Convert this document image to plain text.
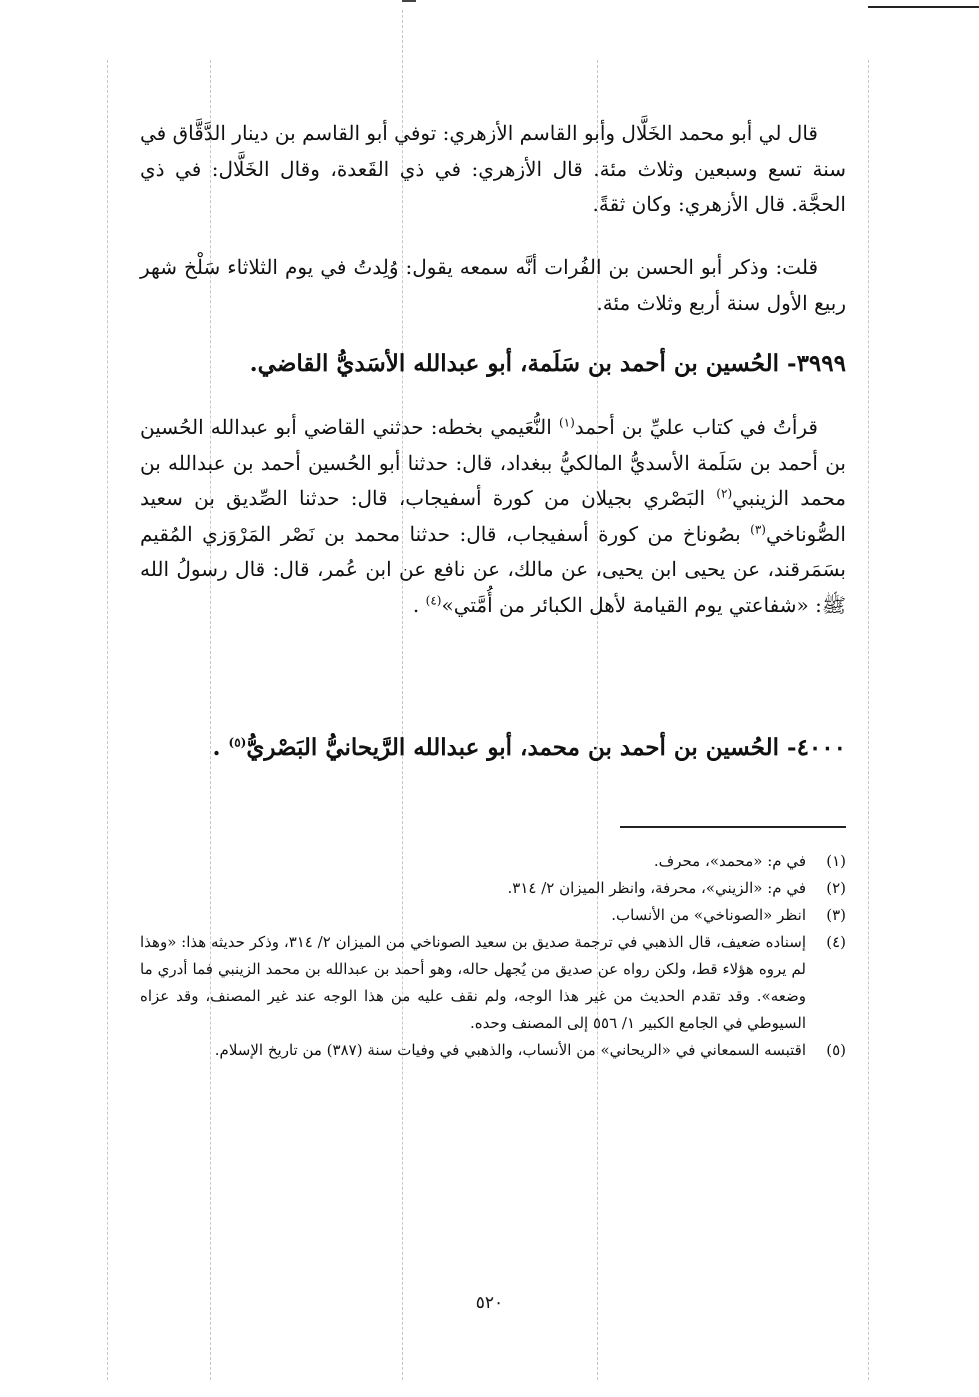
قال لي أبو محمد الخَلَّال وأبو القاسم الأزهري: توفي أبو القاسم بن دينار الدَّقَّاق في سنة تسع وسبعين وثلاث مئة. قال الأزهري: في ذي القَعدة، وقال الخَلَّال: في ذي الحجَّة. قال الأزهري: وكان ثقةً.
قلت: وذكر أبو الحسن بن الفُرات أنَّه سمعه يقول: وُلِدتُ في يوم الثلاثاء سَلْخ شهر ربيع الأول سنة أربع وثلاث مئة.
٣٩٩٩- الحُسين بن أحمد بن سَلَمة، أبو عبدالله الأسَديُّ القاضي.
قرأتُ في كتاب عليِّ بن أحمد$^{(١)}$ النُّعَيمي بخطه: حدثني القاضي أبو عبدالله الحُسين بن أحمد بن سَلَمة الأسديُّ المالكيُّ ببغداد، قال: حدثنا أبو الحُسين أحمد بن عبدالله بن محمد الزينبي$^{(٢)}$ البَصْري بجيلان من كورة أسفيجاب، قال: حدثنا الصِّديق بن سعيد الصُّوناخي$^{(٣)}$ بصُوناخ من كورة أسفيجاب، قال: حدثنا محمد بن نَصْر المَرْوَزي المُقيم بسَمَرقند، عن يحيى ابن يحيى، عن مالك، عن نافع عن ابن عُمر، قال: قال رسولُ الله ﷺ: «شفاعتي يوم القيامة لأهل الكبائر من أُمَّتي»$^{(٤)}$ .
٤٠٠٠- الحُسين بن أحمد بن محمد، أبو عبدالله الرَّيحانيُّ البَصْريُّ$^{(٥)}$ .
(١)
في م: «محمد»، محرف.
(٢)
في م: «الزيني»، محرفة، وانظر الميزان ٢/ ٣١٤.
(٣)
انظر «الصوناخي» من الأنساب.
(٤)
إسناده ضعيف، قال الذهبي في ترجمة صديق بن سعيد الصوناخي من الميزان ٢/ ٣١٤، وذكر حديثه هذا: «وهذا لم يروه هؤلاء قط، ولكن رواه عن صديق من يُجهل حاله، وهو أحمد بن عبدالله بن محمد الزينبي فما أدري ما وضعه». وقد تقدم الحديث من غير هذا الوجه، ولم نقف عليه من هذا الوجه عند غير المصنف، وقد عزاه السيوطي في الجامع الكبير ١/ ٥٥٦ إلى المصنف وحده.
(٥)
اقتبسه السمعاني في «الريحاني» من الأنساب، والذهبي في وفيات سنة (٣٨٧) من تاريخ الإسلام.
٥٢٠
